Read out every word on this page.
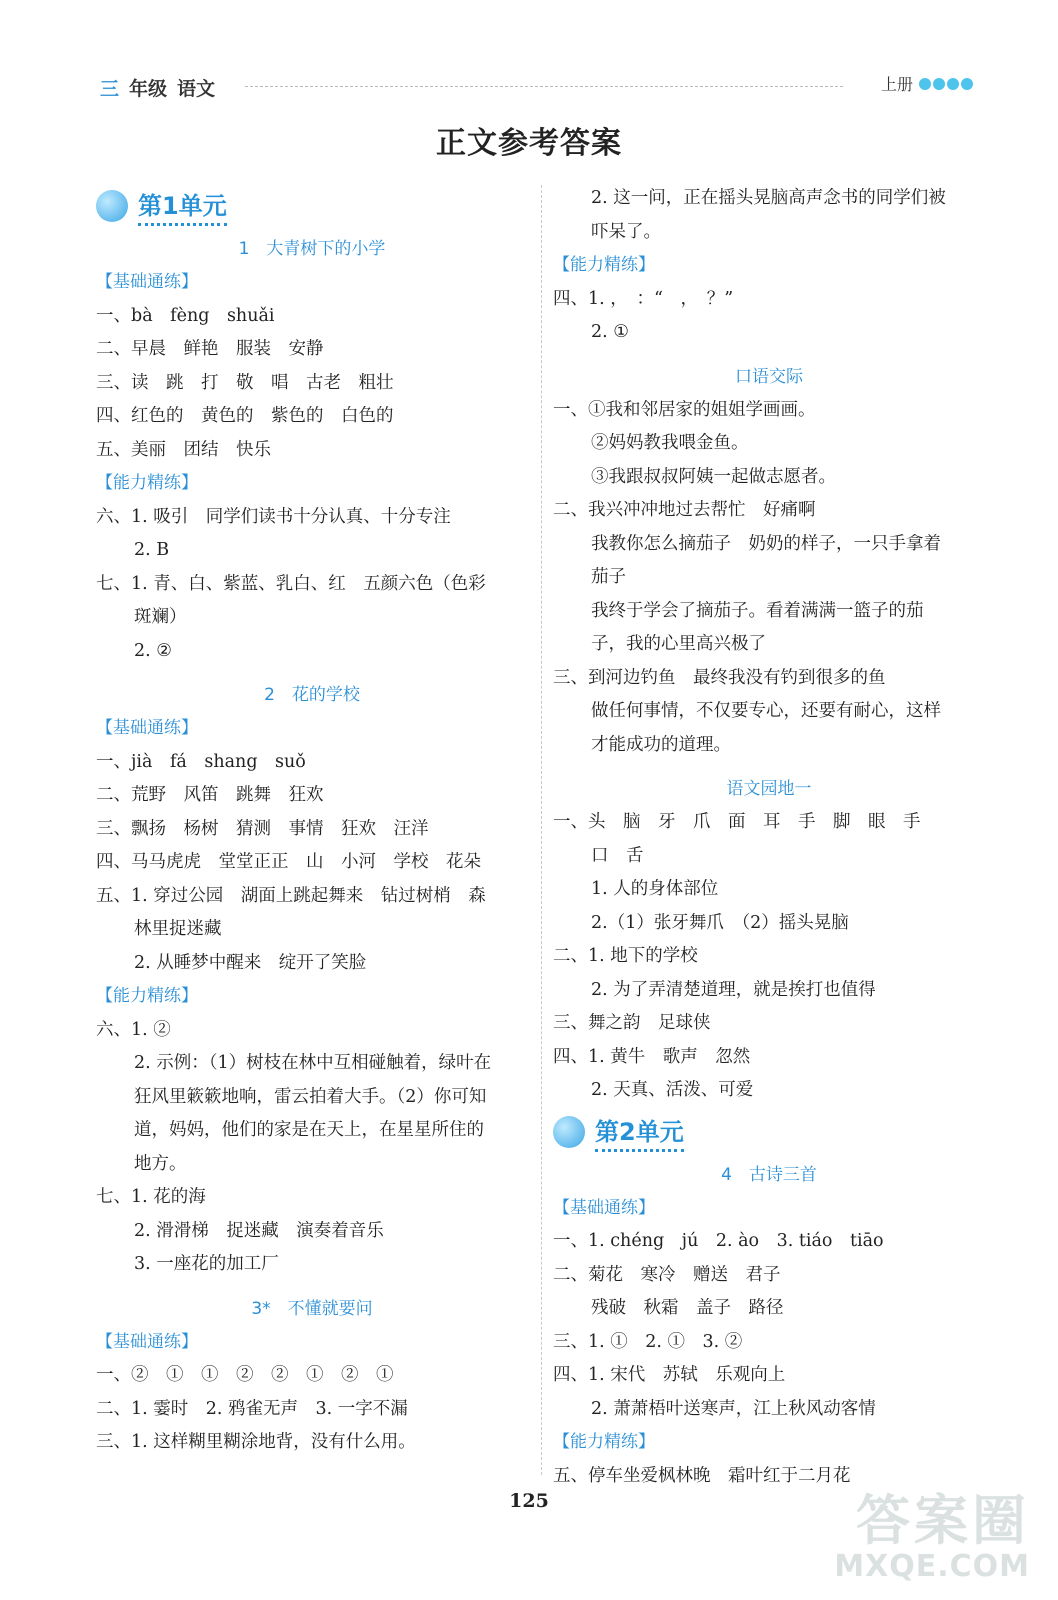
三 年级 语文	上册
正文参考答案
第1单元
1　大青树下的小学
【基础通练】
一、bà　fèng　shuǎi
二、早晨　鲜艳　服装　安静
三、读　跳　打　敬　唱　古老　粗壮
四、红色的　黄色的　紫色的　白色的
五、美丽　团结　快乐
【能力精练】
六、1. 吸引　同学们读书十分认真、十分专注
2. B
七、1. 青、白、紫蓝、乳白、红　五颜六色（色彩
斑斓）
2. ②
2　花的学校
【基础通练】
一、jià　fá　shang　suǒ
二、荒野　风笛　跳舞　狂欢
三、飘扬　杨树　猜测　事情　狂欢　汪洋
四、马马虎虎　堂堂正正　山　小河　学校　花朵
五、1. 穿过公园　湖面上跳起舞来　钻过树梢　森
林里捉迷藏
2. 从睡梦中醒来　绽开了笑脸
【能力精练】
六、1. ②
2. 示例：（1）树枝在林中互相碰触着，绿叶在
狂风里簌簌地响，雷云拍着大手。（2）你可知
道，妈妈，他们的家是在天上，在星星所住的
地方。
七、1. 花的海
2. 滑滑梯　捉迷藏　演奏着音乐
3. 一座花的加工厂
3*　不懂就要问
【基础通练】
一、②　①　①　②　②　①　②　①
二、1. 霎时　2. 鸦雀无声　3. 一字不漏
三、1. 这样糊里糊涂地背，没有什么用。
2. 这一问，正在摇头晃脑高声念书的同学们被
吓呆了。
【能力精练】
四、1. ，　：“　，　？”
2. ①
口语交际
一、①我和邻居家的姐姐学画画。
②妈妈教我喂金鱼。
③我跟叔叔阿姨一起做志愿者。
二、我兴冲冲地过去帮忙　好痛啊
我教你怎么摘茄子　奶奶的样子，一只手拿着
茄子
我终于学会了摘茄子。看着满满一篮子的茄
子，我的心里高兴极了
三、到河边钓鱼　最终我没有钓到很多的鱼
做任何事情，不仅要专心，还要有耐心，这样
才能成功的道理。
语文园地一
一、头　脑　牙　爪　面　耳　手　脚　眼　手
口　舌
1. 人的身体部位
2.（1）张牙舞爪　（2）摇头晃脑
二、1. 地下的学校
2. 为了弄清楚道理，就是挨打也值得
三、舞之韵　足球侠
四、1. 黄牛　歌声　忽然
2. 天真、活泼、可爱
第2单元
4　古诗三首
【基础通练】
一、1. chéng　jú　2. ào　3. tiáo　tiāo
二、菊花　寒冷　赠送　君子
残破　秋霜　盖子　路径
三、1. ①　2. ①　3. ②
四、1. 宋代　苏轼　乐观向上
2. 萧萧梧叶送寒声，江上秋风动客情
【能力精练】
五、停车坐爱枫林晚　霜叶红于二月花
125	答案圈
MXQE.COM
